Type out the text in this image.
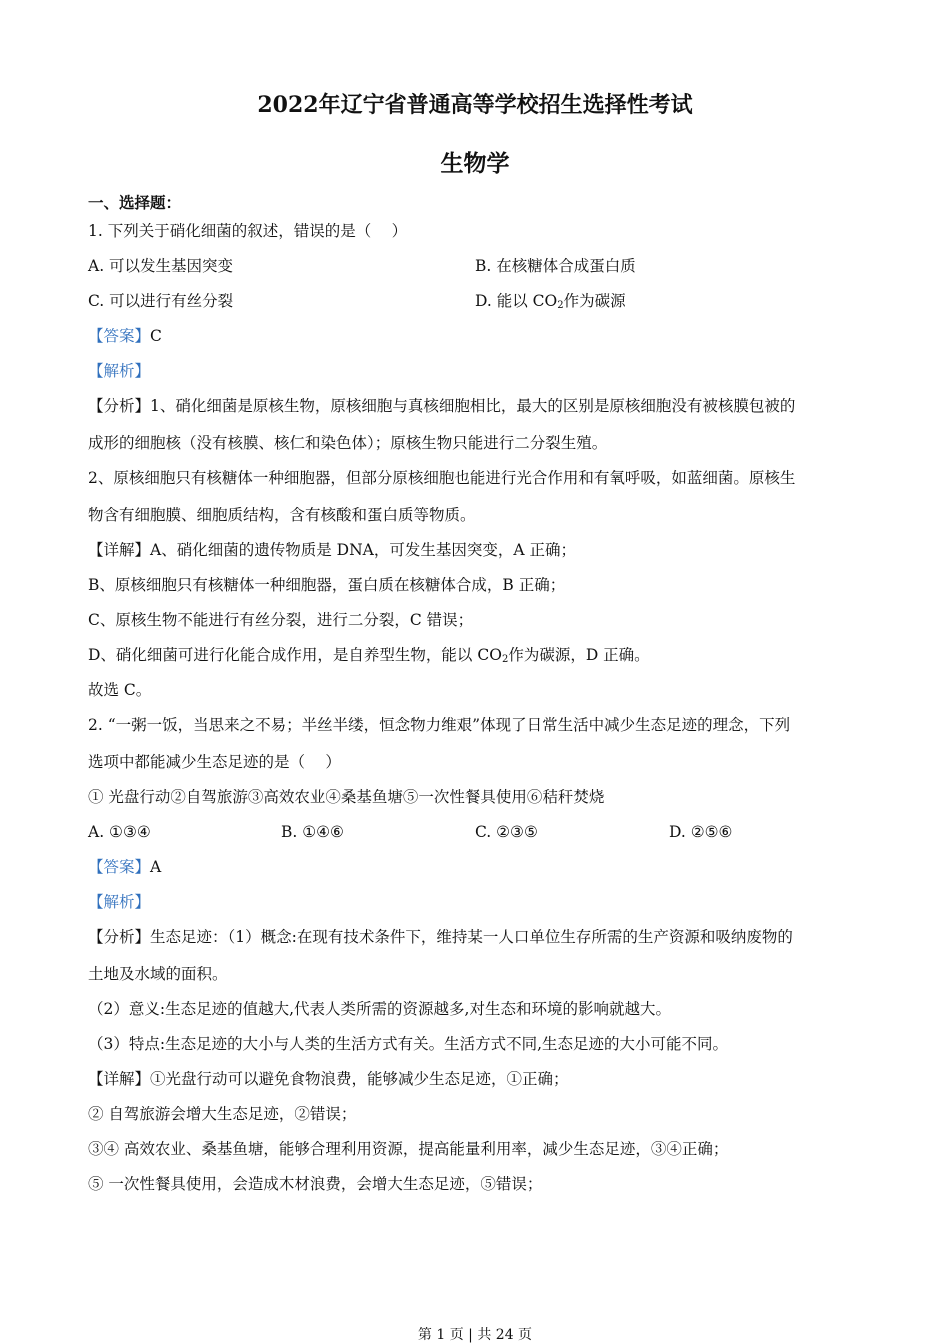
2022年辽宁省普通高等学校招生选择性考试
生物学
一、选择题：
1. 下列关于硝化细菌的叙述，错误的是（　 ）
A. 可以发生基因突变	B. 在核糖体合成蛋白质
C. 可以进行有丝分裂	D. 能以 $CO_2$作为碳源
【答案】C
【解析】
【分析】1、硝化细菌是原核生物，原核细胞与真核细胞相比，最大的区别是原核细胞没有被核膜包被的
成形的细胞核（没有核膜、核仁和染色体）；原核生物只能进行二分裂生殖。
2、原核细胞只有核糖体一种细胞器，但部分原核细胞也能进行光合作用和有氧呼吸，如蓝细菌。原核生
物含有细胞膜、细胞质结构，含有核酸和蛋白质等物质。
【详解】A、硝化细菌的遗传物质是 DNA，可发生基因突变，A 正确；
B、原核细胞只有核糖体一种细胞器，蛋白质在核糖体合成，B 正确；
C、原核生物不能进行有丝分裂，进行二分裂，C 错误；
D、硝化细菌可进行化能合成作用，是自养型生物，能以 $CO_2$作为碳源，D 正确。
故选 C。
2. “一粥一饭，当思来之不易；半丝半缕，恒念物力维艰”体现了日常生活中减少生态足迹的理念，下列
选项中都能减少生态足迹的是（　 ）
① 光盘行动②自驾旅游③高效农业④桑基鱼塘⑤一次性餐具使用⑥秸秆焚烧
A. ①③④	B. ①④⑥	C. ②③⑤	D. ②⑤⑥
【答案】A
【解析】
【分析】生态足迹：（1）概念:在现有技术条件下，维持某一人口单位生存所需的生产资源和吸纳废物的
土地及水域的面积。
（2）意义:生态足迹的值越大,代表人类所需的资源越多,对生态和环境的影响就越大。
（3）特点:生态足迹的大小与人类的生活方式有关。生活方式不同,生态足迹的大小可能不同。
【详解】①光盘行动可以避免食物浪费，能够减少生态足迹，①正确；
② 自驾旅游会增大生态足迹，②错误；
③④ 高效农业、桑基鱼塘，能够合理利用资源，提高能量利用率，减少生态足迹，③④正确；
⑤ 一次性餐具使用，会造成木材浪费，会增大生态足迹，⑤错误；
第 1 页 | 共 24 页
